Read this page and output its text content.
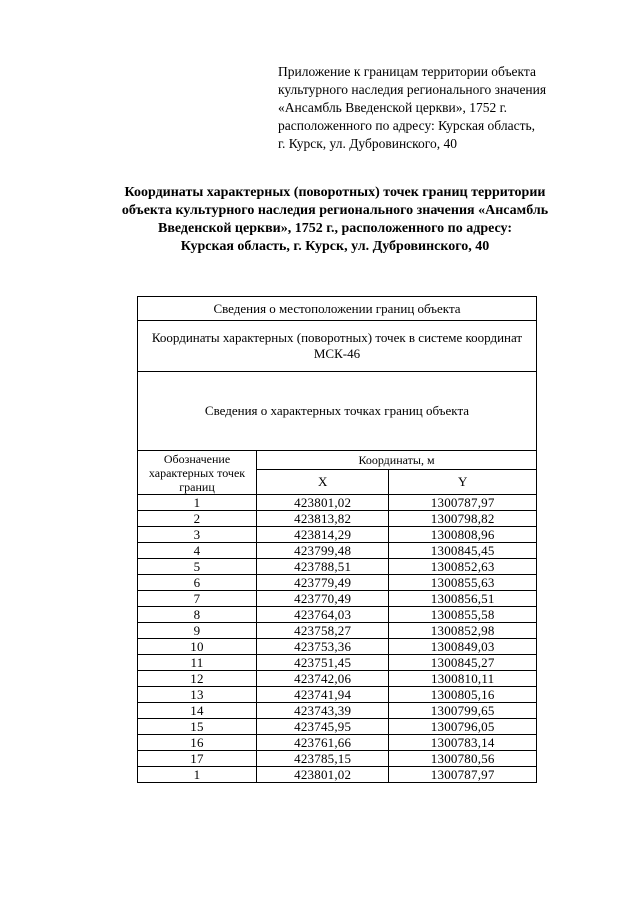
Приложение к границам территории объекта
культурного наследия регионального значения
«Ансамбль Введенской церкви», 1752 г.
расположенного по адресу: Курская область,
г. Курск, ул. Дубровинского, 40
Координаты характерных (поворотных) точек границ территории
объекта культурного наследия регионального значения «Ансамбль
Введенской церкви», 1752 г., расположенного по адресу:
Курская область, г. Курск, ул. Дубровинского, 40
Сведения о местоположении границ объекта		
Координаты характерных (поворотных) точек в системе координат МСК-46		
Сведения о характерных точках границ объекта		
Обозначение характерных точек границ	Координаты, м	
	X	Y
1	423801,02	1300787,97
2	423813,82	1300798,82
3	423814,29	1300808,96
4	423799,48	1300845,45
5	423788,51	1300852,63
6	423779,49	1300855,63
7	423770,49	1300856,51
8	423764,03	1300855,58
9	423758,27	1300852,98
10	423753,36	1300849,03
11	423751,45	1300845,27
12	423742,06	1300810,11
13	423741,94	1300805,16
14	423743,39	1300799,65
15	423745,95	1300796,05
16	423761,66	1300783,14
17	423785,15	1300780,56
1	423801,02	1300787,97
